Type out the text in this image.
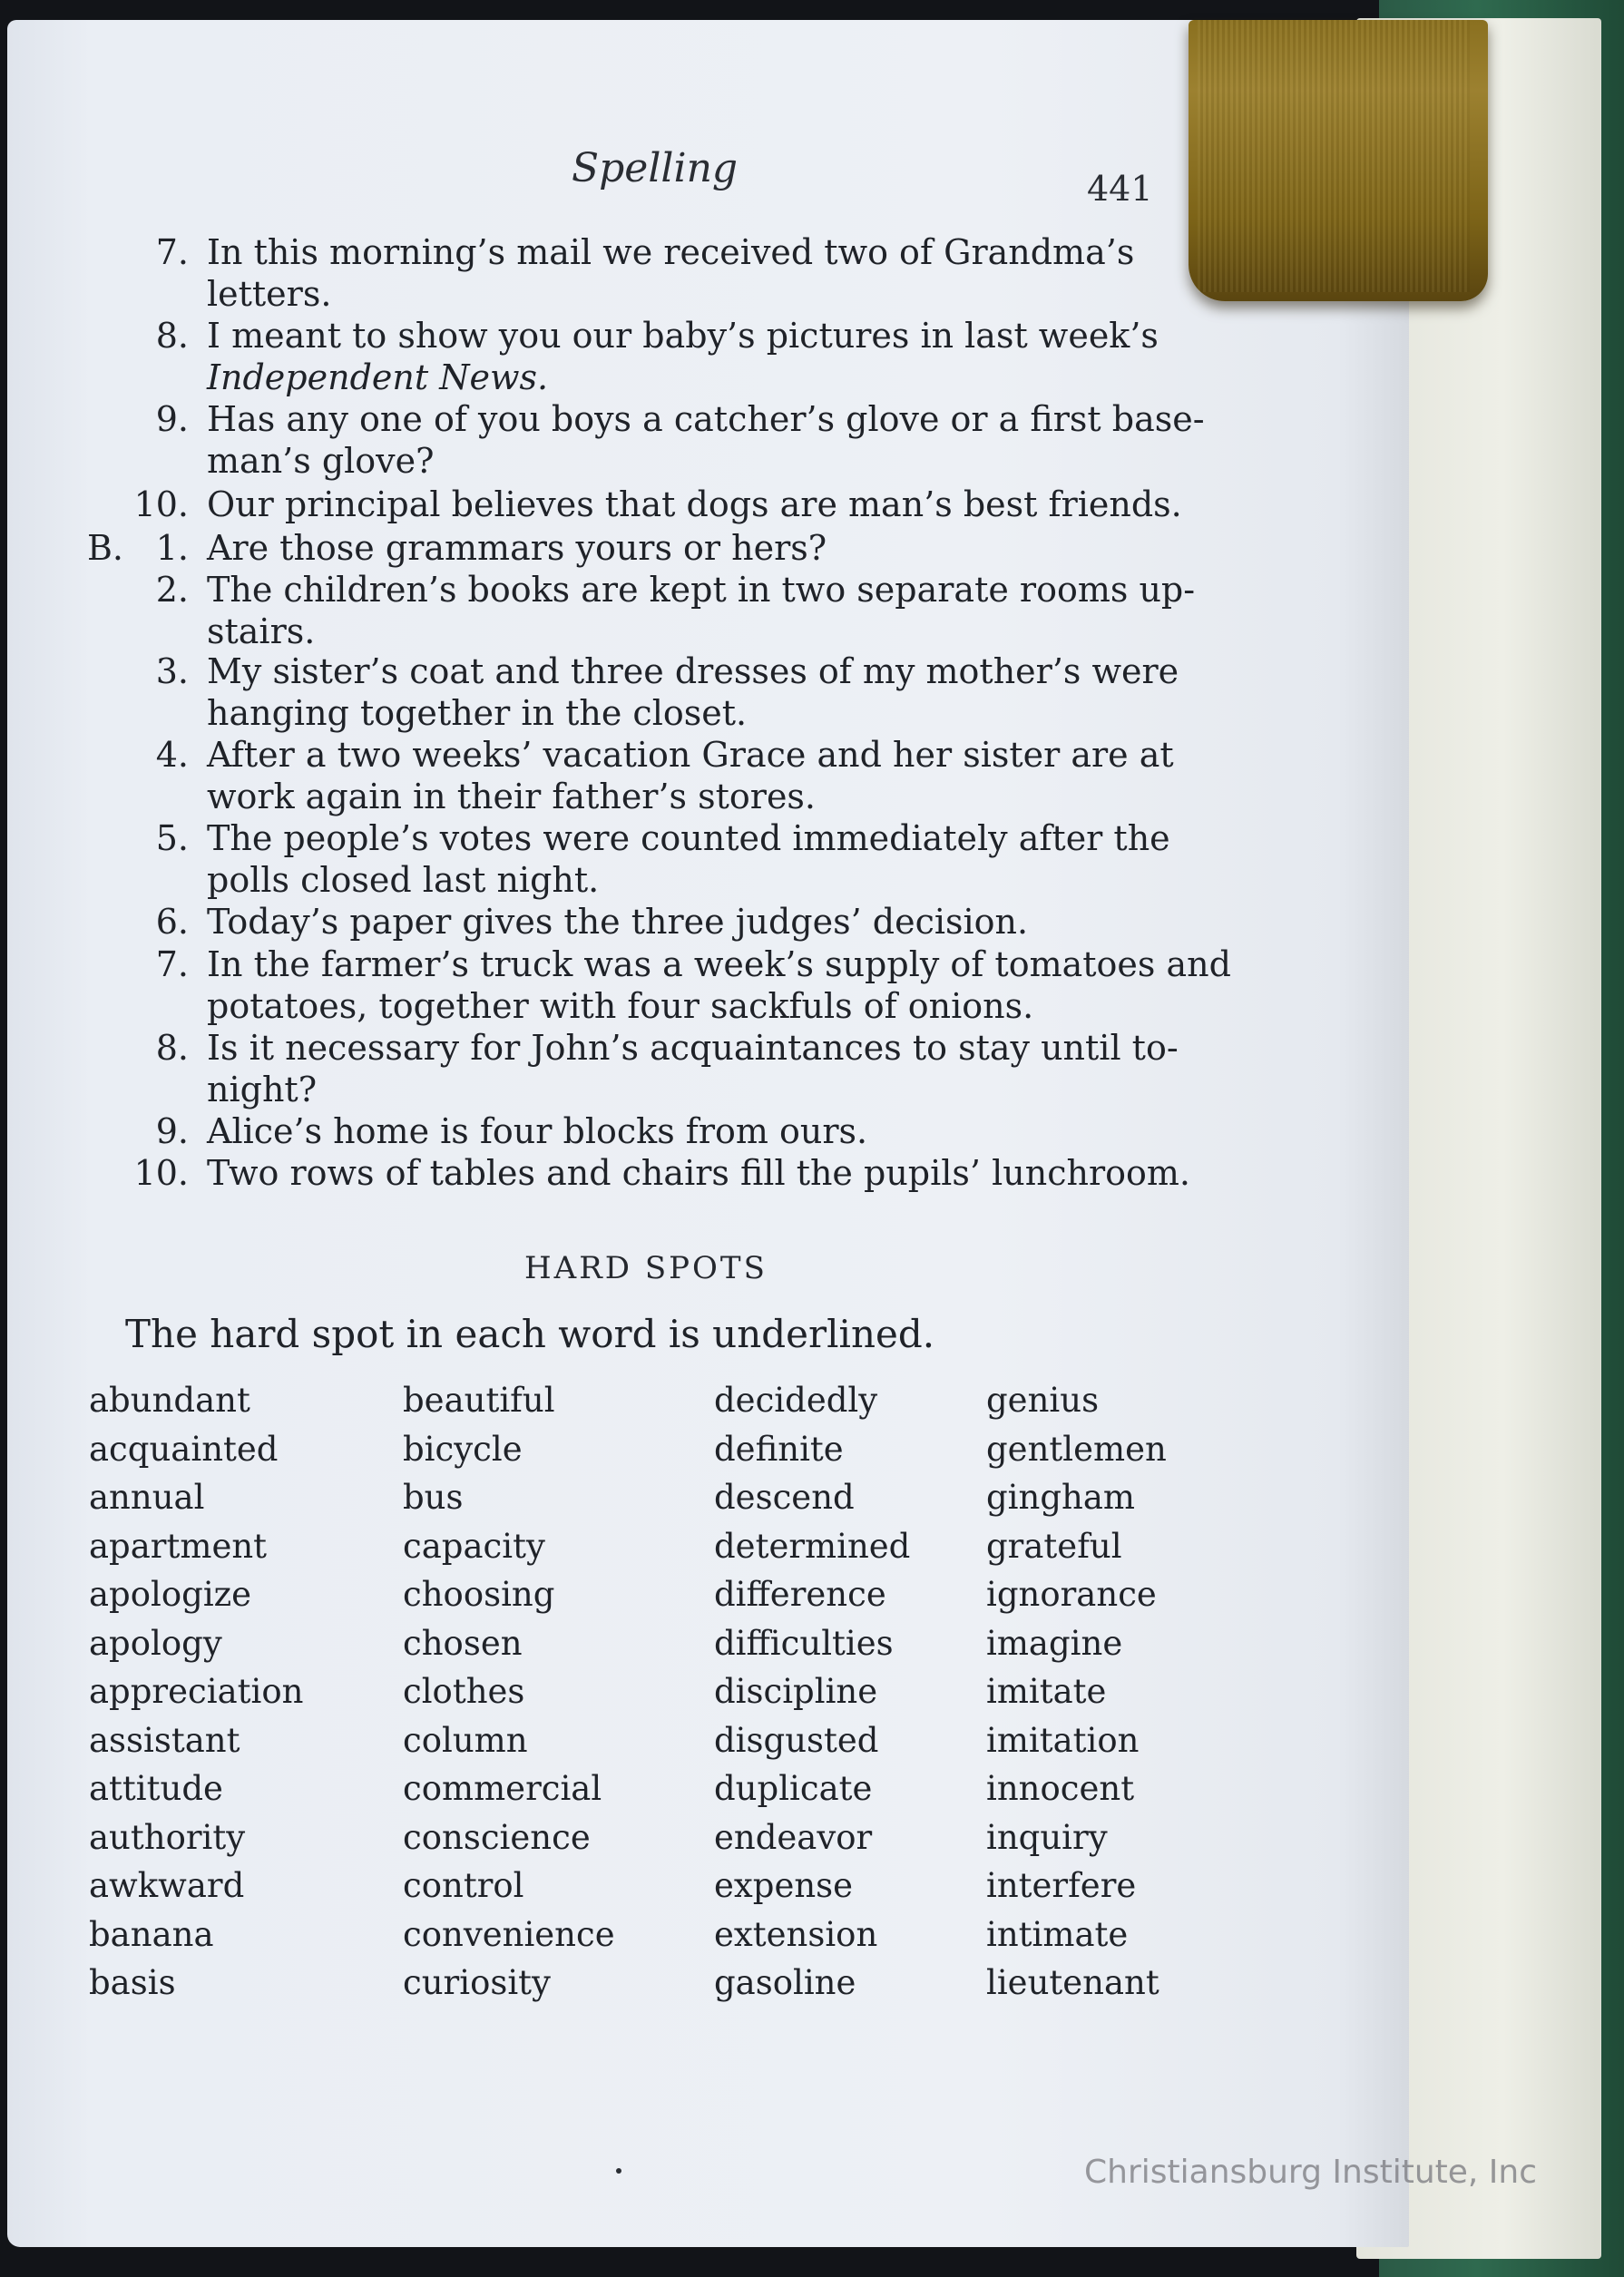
Spelling	441
7. In this morning’s mail we received two of Grandma’s
letters.
8. I meant to show you our baby’s pictures in last week’s
Independent News.
9. Has any one of you boys a catcher’s glove or a first base-
man’s glove?
10. Our principal believes that dogs are man’s best friends.
B. 1. Are those grammars yours or hers?
2. The children’s books are kept in two separate rooms up-
stairs.
3. My sister’s coat and three dresses of my mother’s were
hanging together in the closet.
4. After a two weeks’ vacation Grace and her sister are at
work again in their father’s stores.
5. The people’s votes were counted immediately after the
polls closed last night.
6. Today’s paper gives the three judges’ decision.
7. In the farmer’s truck was a week’s supply of tomatoes and
potatoes, together with four sackfuls of onions.
8. Is it necessary for John’s acquaintances to stay until to-
night?
9. Alice’s home is four blocks from ours.
10. Two rows of tables and chairs fill the pupils’ lunchroom.
HARD SPOTS
The hard spot in each word is underlined.
abundant
acquainted
annual
apartment
apologize
apology
appreciation
assistant
attitude
authority
awkward
banana
basis
beautiful
bicycle
bus
capacity
choosing
chosen
clothes
column
commercial
conscience
control
convenience
curiosity
decidedly
definite
descend
determined
difference
difficulties
discipline
disgusted
duplicate
endeavor
expense
extension
gasoline
genius
gentlemen
gingham
grateful
ignorance
imagine
imitate
imitation
innocent
inquiry
interfere
intimate
lieutenant
Christiansburg Institute, Inc
